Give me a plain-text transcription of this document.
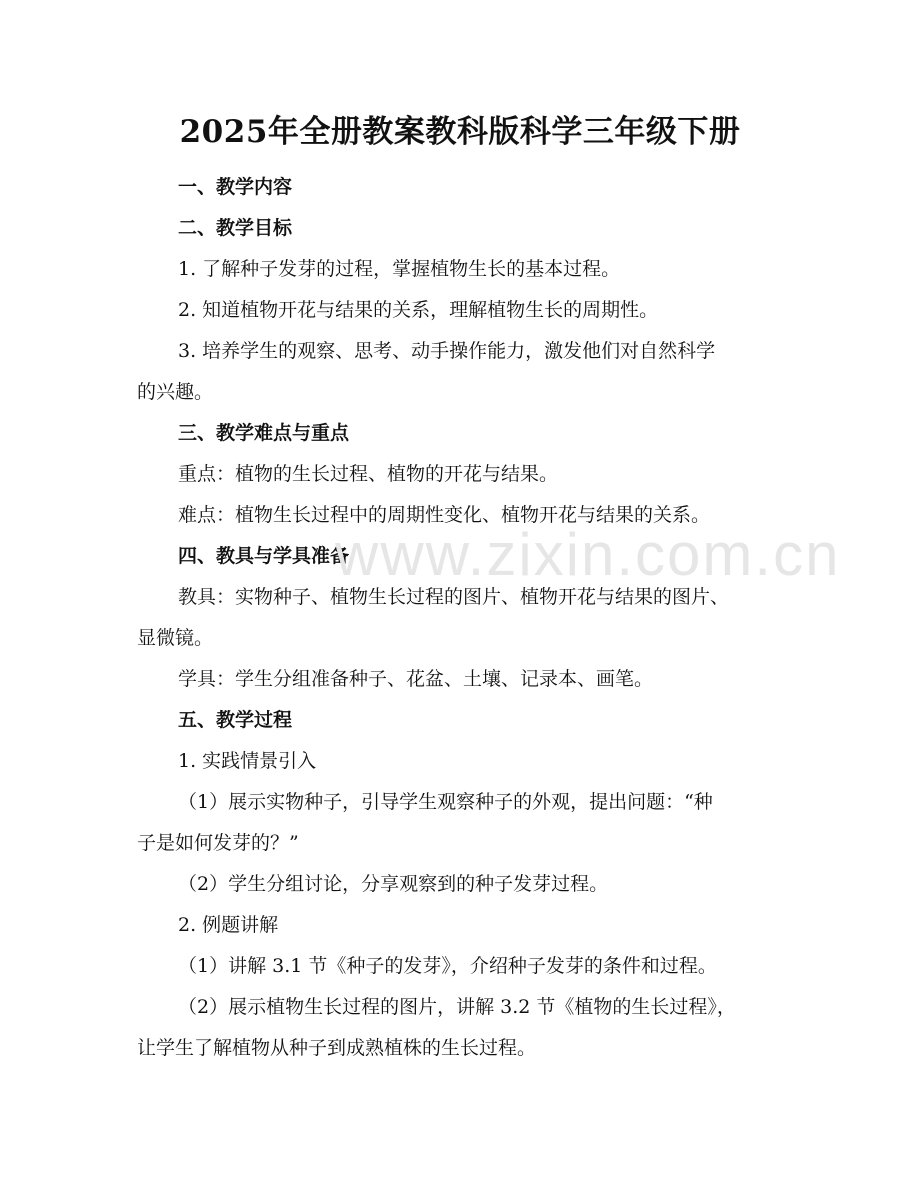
2025年全册教案教科版科学三年级下册

一、教学内容

二、教学目标

1. 了解种子发芽的过程，掌握植物生长的基本过程。

2. 知道植物开花与结果的关系，理解植物生长的周期性。

3. 培养学生的观察、思考、动手操作能力，激发他们对自然科学

的兴趣。

三、教学难点与重点

重点：植物的生长过程、植物的开花与结果。

难点：植物生长过程中的周期性变化、植物开花与结果的关系。

四、教具与学具准备

教具：实物种子、植物生长过程的图片、植物开花与结果的图片、

显微镜。

学具：学生分组准备种子、花盆、土壤、记录本、画笔。

五、教学过程

1. 实践情景引入

（1）展示实物种子，引导学生观察种子的外观，提出问题：“种

子是如何发芽的？”

（2）学生分组讨论，分享观察到的种子发芽过程。

2. 例题讲解

（1）讲解 3.1 节《种子的发芽》，介绍种子发芽的条件和过程。

（2）展示植物生长过程的图片，讲解 3.2 节《植物的生长过程》，

让学生了解植物从种子到成熟植株的生长过程。

www.zixin.com.cn
